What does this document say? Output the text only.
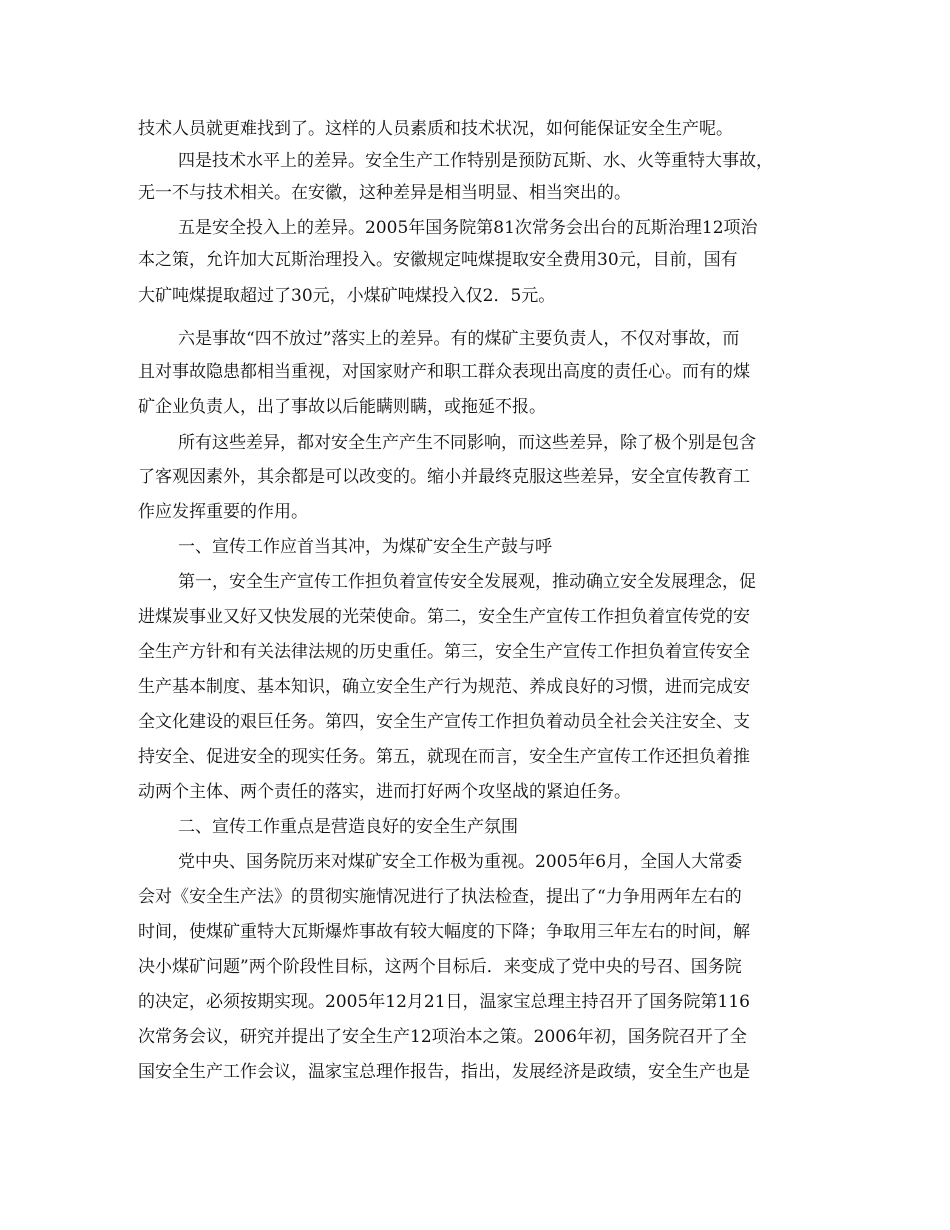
技术人员就更难找到了。这样的人员素质和技术状况，如何能保证安全生产呢。
四是技术水平上的差异。安全生产工作特别是预防瓦斯、水、火等重特大事故，
无一不与技术相关。在安徽，这种差异是相当明显、相当突出的。
五是安全投入上的差异。2005年国务院第81次常务会出台的瓦斯治理12项治
本之策，允许加大瓦斯治理投入。安徽规定吨煤提取安全费用30元，目前，国有
大矿吨煤提取超过了30元，小煤矿吨煤投入仅2．5元。
六是事故“四不放过”落实上的差异。有的煤矿主要负责人，不仅对事故，而
且对事故隐患都相当重视，对国家财产和职工群众表现出高度的责任心。而有的煤
矿企业负责人，出了事故以后能瞒则瞒，或拖延不报。
所有这些差异，都对安全生产产生不同影响，而这些差异，除了极个别是包含
了客观因素外，其余都是可以改变的。缩小并最终克服这些差异，安全宣传教育工
作应发挥重要的作用。
一、宣传工作应首当其冲，为煤矿安全生产鼓与呼
第一，安全生产宣传工作担负着宣传安全发展观，推动确立安全发展理念，促
进煤炭事业又好又快发展的光荣使命。第二，安全生产宣传工作担负着宣传党的安
全生产方针和有关法律法规的历史重任。第三，安全生产宣传工作担负着宣传安全
生产基本制度、基本知识，确立安全生产行为规范、养成良好的习惯，进而完成安
全文化建设的艰巨任务。第四，安全生产宣传工作担负着动员全社会关注安全、支
持安全、促进安全的现实任务。第五，就现在而言，安全生产宣传工作还担负着推
动两个主体、两个责任的落实，进而打好两个攻坚战的紧迫任务。
二、宣传工作重点是营造良好的安全生产氛围
党中央、国务院历来对煤矿安全工作极为重视。2005年6月，全国人大常委
会对《安全生产法》的贯彻实施情况进行了执法检查，提出了“力争用两年左右的
时间，使煤矿重特大瓦斯爆炸事故有较大幅度的下降；争取用三年左右的时间，解
决小煤矿问题”两个阶段性目标，这两个目标后．来变成了党中央的号召、国务院
的决定，必须按期实现。2005年12月21日，温家宝总理主持召开了国务院第116
次常务会议，研究并提出了安全生产12项治本之策。2006年初，国务院召开了全
国安全生产工作会议，温家宝总理作报告，指出，发展经济是政绩，安全生产也是
